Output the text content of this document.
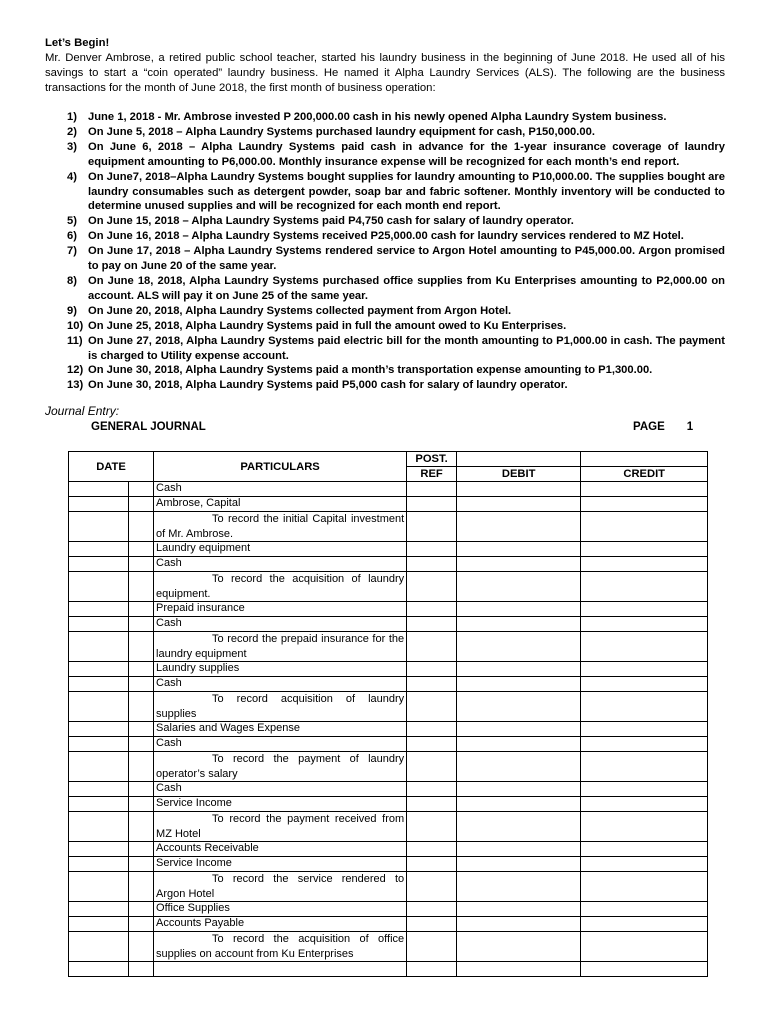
Let’s Begin!
Mr. Denver Ambrose, a retired public school teacher, started his laundry business in the beginning of June 2018. He used all of his savings to start a “coin operated” laundry business. He named it Alpha Laundry Services (ALS). The following are the business transactions for the month of June 2018, the first month of business operation:
1) June 1, 2018 - Mr. Ambrose invested P 200,000.00 cash in his newly opened Alpha Laundry System business.
2) On June 5, 2018 – Alpha Laundry Systems purchased laundry equipment for cash, P150,000.00.
3) On June 6, 2018 – Alpha Laundry Systems paid cash in advance for the 1-year insurance coverage of laundry equipment amounting to P6,000.00. Monthly insurance expense will be recognized for each month’s end report.
4) On June7, 2018–Alpha Laundry Systems bought supplies for laundry amounting to P10,000.00. The supplies bought are laundry consumables such as detergent powder, soap bar and fabric softener. Monthly inventory will be conducted to determine unused supplies and will be recognized for each month end report.
5) On June 15, 2018 – Alpha Laundry Systems paid P4,750 cash for salary of laundry operator.
6) On June 16, 2018 – Alpha Laundry Systems received P25,000.00 cash for laundry services rendered to MZ Hotel.
7) On June 17, 2018 – Alpha Laundry Systems rendered service to Argon Hotel amounting to P45,000.00. Argon promised to pay on June 20 of the same year.
8) On June 18, 2018, Alpha Laundry Systems purchased office supplies from Ku Enterprises amounting to P2,000.00 on account. ALS will pay it on June 25 of the same year.
9) On June 20, 2018, Alpha Laundry Systems collected payment from Argon Hotel.
10) On June 25, 2018, Alpha Laundry Systems paid in full the amount owed to Ku Enterprises.
11) On June 27, 2018, Alpha Laundry Systems paid electric bill for the month amounting to P1,000.00 in cash. The payment is charged to Utility expense account.
12) On June 30, 2018, Alpha Laundry Systems paid a month’s transportation expense amounting to P1,300.00.
13) On June 30, 2018, Alpha Laundry Systems paid P5,000 cash for salary of laundry operator.
Journal Entry:
GENERAL JOURNAL	PAGE 1
DATE		PARTICULARS	POST.		
			REF	DEBIT	CREDIT
		Cash			
		Ambrose, Capital			

		To record the initial Capital investment of Mr. Ambrose.			

		Laundry equipment			
		Cash			

		To record the acquisition of laundry equipment.			

		Prepaid insurance			
		Cash			

		To record the prepaid insurance for the laundry equipment			

		Laundry supplies			
		Cash			

		To record acquisition of laundry supplies			

		Salaries and Wages Expense			
		Cash			

		To record the payment of laundry operator’s salary			

		Cash			
		Service Income			

		To record the payment received from MZ Hotel			

		Accounts Receivable			
		Service Income			

		To record the service rendered to Argon Hotel			

		Office Supplies			
		Accounts Payable			

		To record the acquisition of office supplies on account from Ku Enterprises			
